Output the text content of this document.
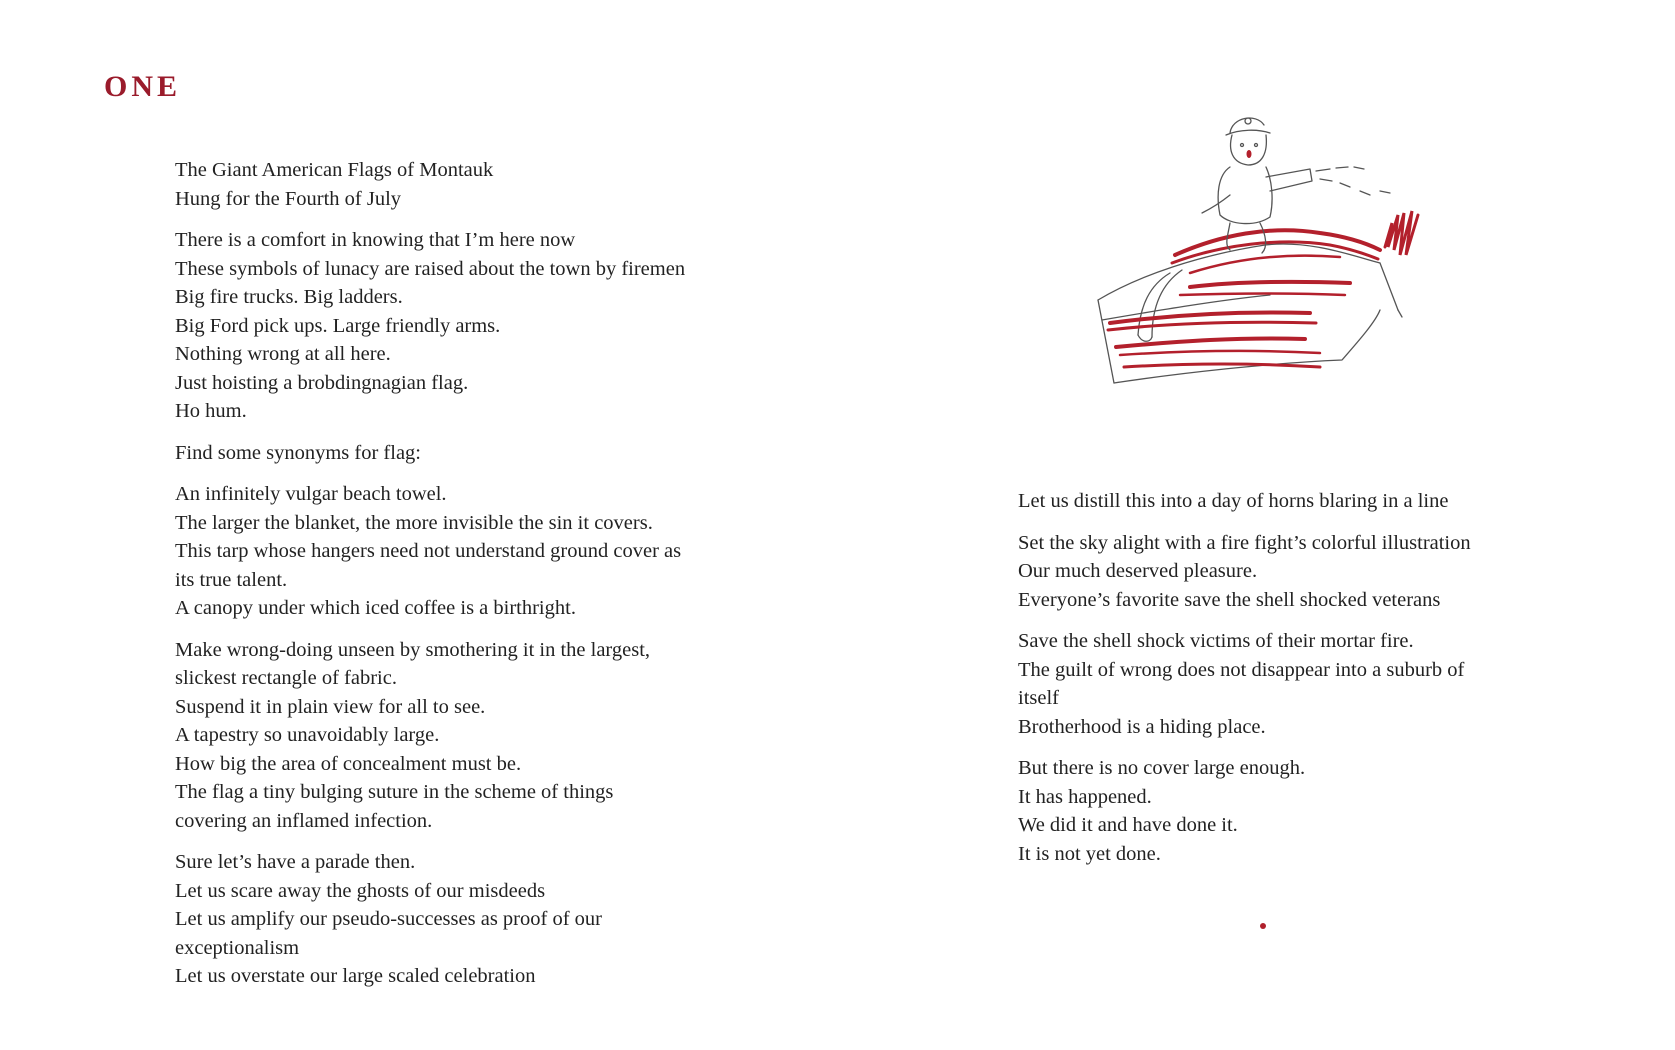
ONE
The Giant American Flags of Montauk
Hung for the Fourth of July
There is a comfort in knowing that I’m here now
These symbols of lunacy are raised about the town by firemen
Big fire trucks. Big ladders.
Big Ford pick ups. Large friendly arms.
Nothing wrong at all here.
Just hoisting a brobdingnagian flag.
Ho hum.
Find some synonyms for flag:
An infinitely vulgar beach towel.
The larger the blanket, the more invisible the sin it covers.
This tarp whose hangers need not understand ground cover as
its true talent.
A canopy under which iced coffee is a birthright.
Make wrong-doing unseen by smothering it in the largest,
slickest rectangle of fabric.
Suspend it in plain view for all to see.
A tapestry so unavoidably large.
How big the area of concealment must be.
The flag a tiny bulging suture in the scheme of things
covering an inflamed infection.
Sure let’s have a parade then.
Let us scare away the ghosts of our misdeeds
Let us amplify our pseudo-successes as proof of our
exceptionalism
Let us overstate our large scaled celebration
Let us distill this into a day of horns blaring in a line
Set the sky alight with a fire fight’s colorful illustration
Our much deserved pleasure.
Everyone’s favorite save the shell shocked veterans
Save the shell shock victims of their mortar fire.
The guilt of wrong does not disappear into a suburb of
itself
Brotherhood is a hiding place.
But there is no cover large enough.
It has happened.
We did it and have done it.
It is not yet done.
